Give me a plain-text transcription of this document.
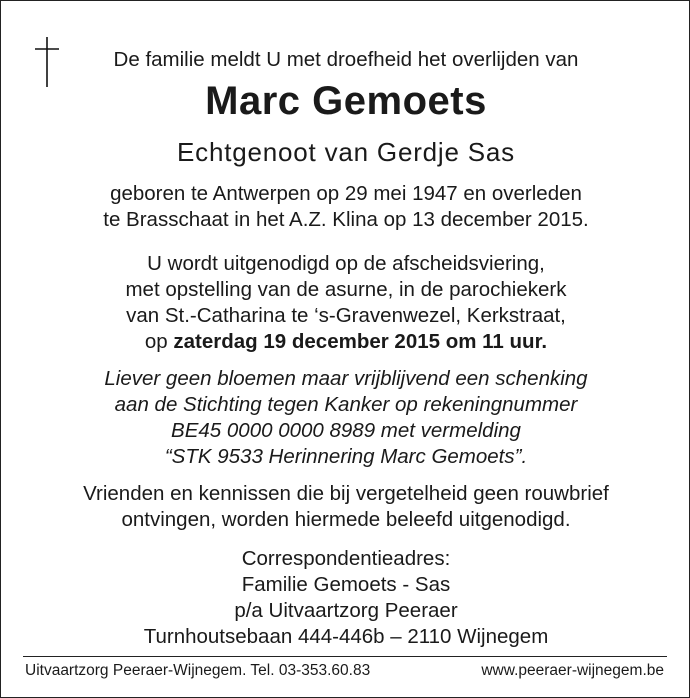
De familie meldt U met droefheid het overlijden van
Marc Gemoets
Echtgenoot van Gerdje Sas
geboren te Antwerpen op 29 mei 1947 en overleden
te Brasschaat in het A.Z. Klina op 13 december 2015.
U wordt uitgenodigd op de afscheidsviering,
met opstelling van de asurne, in de parochiekerk
van St.-Catharina te ‘s-Gravenwezel, Kerkstraat,
op zaterdag 19 december 2015 om 11 uur.
Liever geen bloemen maar vrijblijvend een schenking
aan de Stichting tegen Kanker op rekeningnummer
BE45 0000 0000 8989 met vermelding
“STK 9533 Herinnering Marc Gemoets”.
Vrienden en kennissen die bij vergetelheid geen rouwbrief
ontvingen, worden hiermede beleefd uitgenodigd.
Correspondentieadres:
Familie Gemoets - Sas
p/a Uitvaartzorg Peeraer
Turnhoutsebaan 444-446b – 2110 Wijnegem
Uitvaartzorg Peeraer-Wijnegem. Tel. 03-353.60.83	www.peeraer-wijnegem.be
